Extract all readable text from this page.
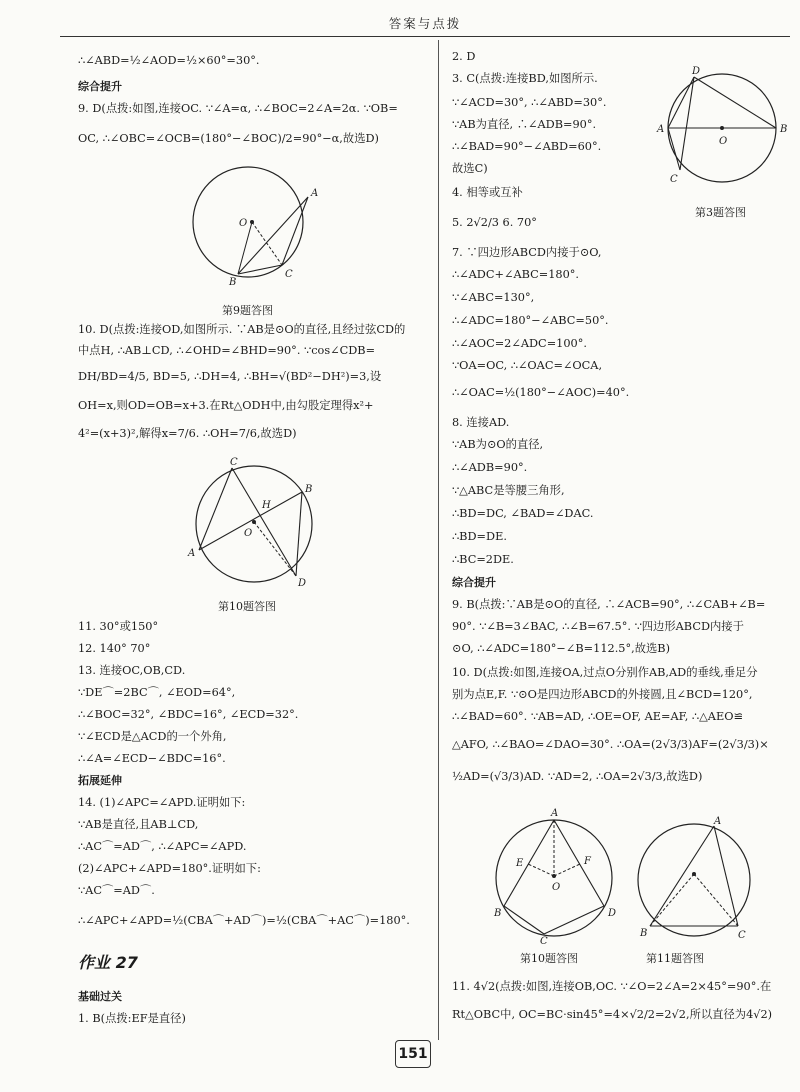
答案与点拨
∴∠ABD=½∠AOD=½×60°=30°.
综合提升
9. D(点拨:如图,连接OC. ∵∠A=α, ∴∠BOC=2∠A=2α. ∵OB=
OC, ∴∠OBC=∠OCB=(180°−∠BOC)/2=90°−α,故选D)
A
O
B
C
第9题答图
10. D(点拨:连接OD,如图所示. ∵AB是⊙O的直径,且经过弦CD的
中点H, ∴AB⊥CD, ∴∠OHD=∠BHD=90°. ∵cos∠CDB=
DH/BD=4/5, BD=5, ∴DH=4, ∴BH=√(BD²−DH²)=3,设
OH=x,则OD=OB=x+3.在Rt△ODH中,由勾股定理得x²+
4²=(x+3)²,解得x=7/6. ∴OH=7/6,故选D)
C
B
H
A
O
D
第10题答图
11. 30°或150°
12. 140° 70°
13. 连接OC,OB,CD.
∵DE⌒=2BC⌒, ∠EOD=64°,
∴∠BOC=32°, ∠BDC=16°, ∠ECD=32°.
∵∠ECD是△ACD的一个外角,
∴∠A=∠ECD−∠BDC=16°.
拓展延伸
14. (1)∠APC=∠APD.证明如下:
∵AB是直径,且AB⊥CD,
∴AC⌒=AD⌒, ∴∠APC=∠APD.
(2)∠APC+∠APD=180°.证明如下:
∵AC⌒=AD⌒.
∴∠APC+∠APD=½(CBA⌒+AD⌒)=½(CBA⌒+AC⌒)=180°.
作业 27
基础过关
1. B(点拨:EF是直径)
2. D
3. C(点拨:连接BD,如图所示.
∵∠ACD=30°, ∴∠ABD=30°.
∵AB为直径, ∴∠ADB=90°.
∴∠BAD=90°−∠ABD=60°.
故选C)
D
A
O
B
C
第3题答图
4. 相等或互补
5. 2√2/3 6. 70°
7. ∵四边形ABCD内接于⊙O,
∴∠ADC+∠ABC=180°.
∵∠ABC=130°,
∴∠ADC=180°−∠ABC=50°.
∴∠AOC=2∠ADC=100°.
∵OA=OC, ∴∠OAC=∠OCA,
∴∠OAC=½(180°−∠AOC)=40°.
8. 连接AD.
∵AB为⊙O的直径,
∴∠ADB=90°.
∵△ABC是等腰三角形,
∴BD=DC, ∠BAD=∠DAC.
∴BD=DE.
∴BC=2DE.
综合提升
9. B(点拨:∵AB是⊙O的直径, ∴∠ACB=90°, ∴∠CAB+∠B=
90°. ∵∠B=3∠BAC, ∴∠B=67.5°. ∵四边形ABCD内接于
⊙O, ∴∠ADC=180°−∠B=112.5°,故选B)
10. D(点拨:如图,连接OA,过点O分别作AB,AD的垂线,垂足分
别为点E,F. ∵⊙O是四边形ABCD的外接圆,且∠BCD=120°,
∴∠BAD=60°. ∵AB=AD, ∴OE=OF, AE=AF, ∴△AEO≌
△AFO, ∴∠BAO=∠DAO=30°. ∴OA=(2√3/3)AF=(2√3/3)×
½AD=(√3/3)AD. ∵AD=2, ∴OA=2√3/3,故选D)
A
E	F
O
B
C
D
第10题答图
A
B	C
第11题答图
11. 4√2(点拨:如图,连接OB,OC. ∵∠O=2∠A=2×45°=90°.在
Rt△OBC中, OC=BC·sin45°=4×√2/2=2√2,所以直径为4√2)
151
